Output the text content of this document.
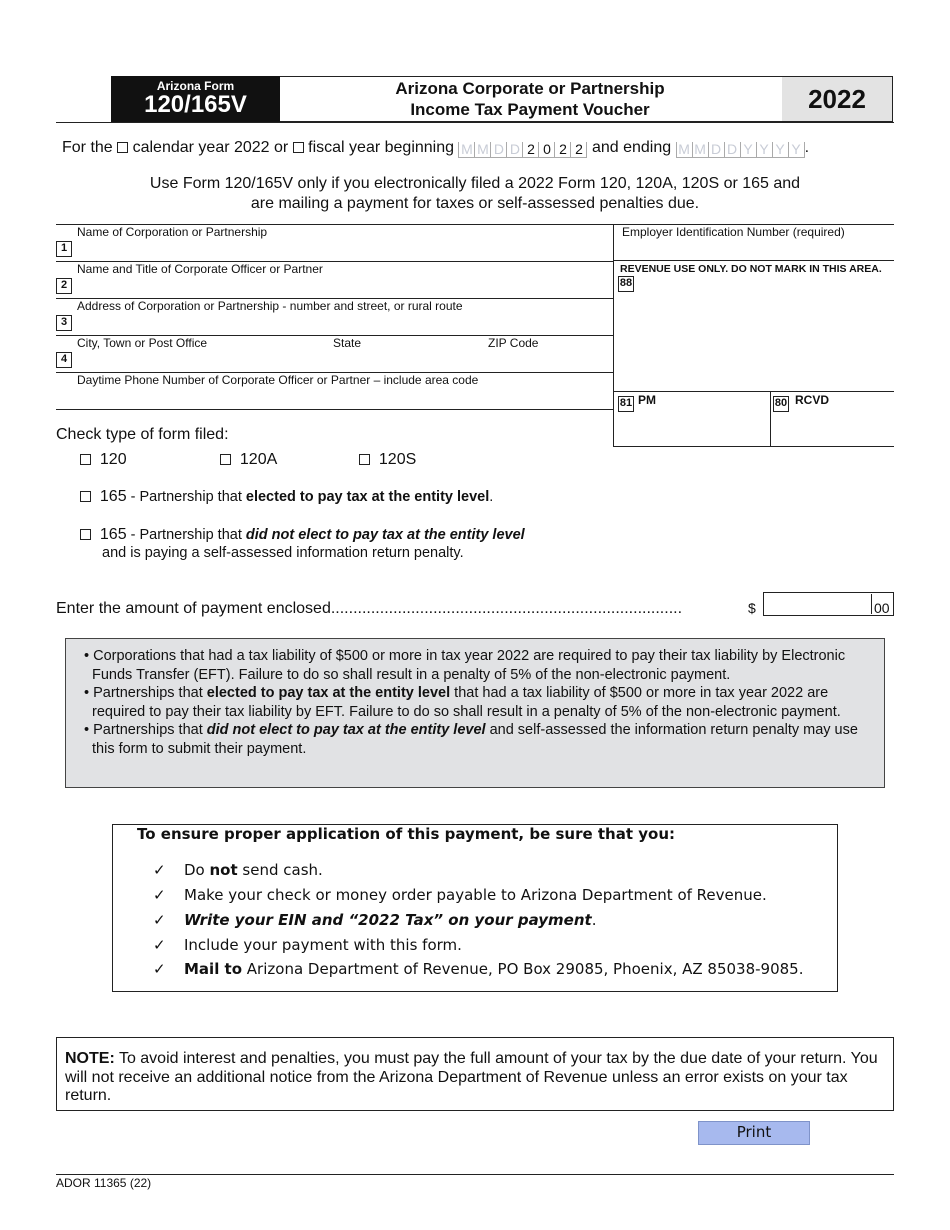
Arizona Form
120/165V
Arizona Corporate or Partnership
Income Tax Payment Voucher	2022
For the calendar year 2022 or fiscal year beginning M M D D 2 0 2 2 and ending M M D D Y Y Y Y .
Use Form 120/165V only if you electronically filed a 2022 Form 120, 120A, 120S or 165 and
are mailing a payment for taxes or self-assessed penalties due.
Name of Corporation or Partnership
1
Name and Title of Corporate Officer or Partner
2
Address of Corporation or Partnership - number and street, or rural route
3
City, Town or Post Office	State	ZIP Code
4
Daytime Phone Number of Corporate Officer or Partner – include area code
Employer Identification Number (required)
REVENUE USE ONLY. DO NOT MARK IN THIS AREA.
88
81 PM	80 RCVD
Check type of form filed:
120	120A	120S
165 - Partnership that elected to pay tax at the entity level.
165 - Partnership that did not elect to pay tax at the entity level
and is paying a self-assessed information return penalty.
Enter the amount of payment enclosed...............................................................................	$	00

• Corporations that had a tax liability of $500 or more in tax year 2022 are required to pay their tax liability by Electronic Funds Transfer (EFT). Failure to do so shall result in a penalty of 5% of the non-electronic payment.

• Partnerships that elected to pay tax at the entity level that had a tax liability of $500 or more in tax year 2022 are required to pay their tax liability by EFT. Failure to do so shall result in a penalty of 5% of the non-electronic payment.

• Partnerships that did not elect to pay tax at the entity level and self-assessed the information return penalty may use this form to submit their payment.

To ensure proper application of this payment, be sure that you:
✓ Do not send cash.
✓ Make your check or money order payable to Arizona Department of Revenue.
✓ Write your EIN and “2022 Tax” on your payment.
✓ Include your payment with this form.
✓ Mail to Arizona Department of Revenue, PO Box 29085, Phoenix, AZ 85038-9085.
NOTE: To avoid interest and penalties, you must pay the full amount of your tax by the due date of your return. You will not receive an additional notice from the Arizona Department of Revenue unless an error exists on your tax return.
Print
ADOR 11365 (22)
